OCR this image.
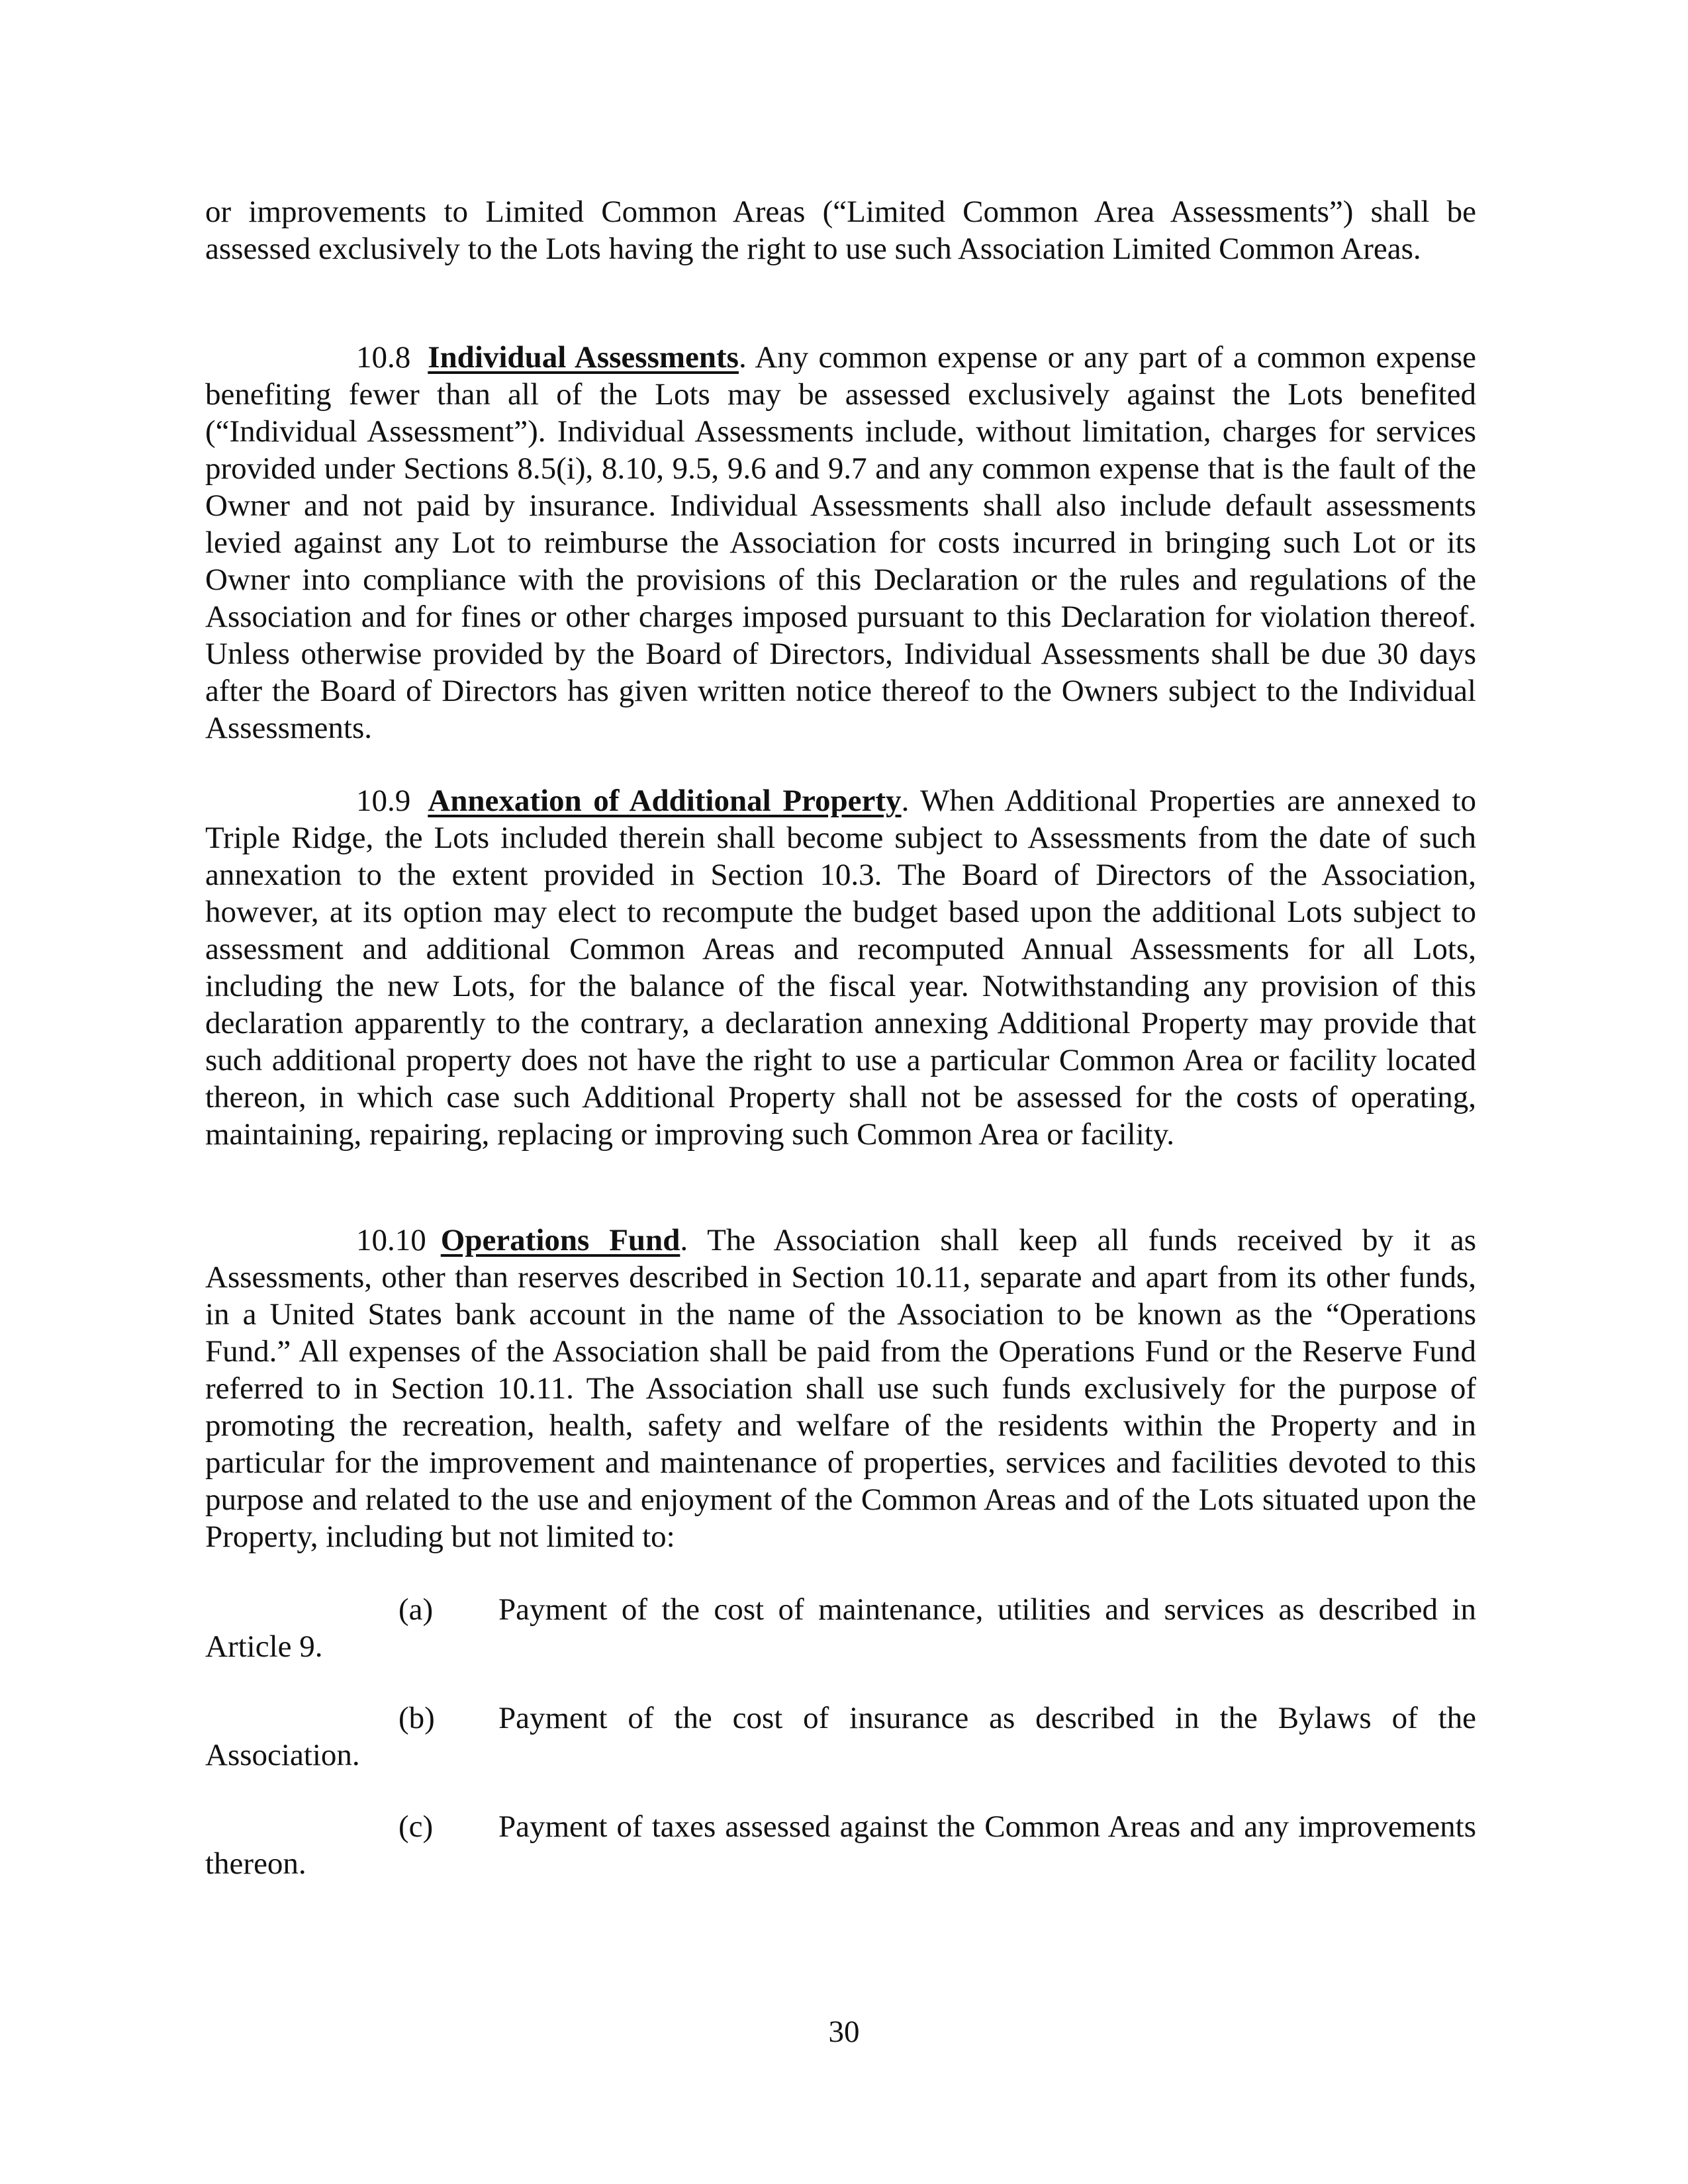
or improvements to Limited Common Areas (“Limited Common Area Assessments”) shall be assessed exclusively to the Lots having the right to use such Association Limited Common Areas.

10.8 Individual Assessments. Any common expense or any part of a common expense benefiting fewer than all of the Lots may be assessed exclusively against the Lots benefited (“Individual Assessment”). Individual Assessments include, without limitation, charges for services provided under Sections 8.5(i), 8.10, 9.5, 9.6 and 9.7 and any common expense that is the fault of the Owner and not paid by insurance. Individual Assessments shall also include default assessments levied against any Lot to reimburse the Association for costs incurred in bringing such Lot or its Owner into compliance with the provisions of this Declaration or the rules and regulations of the Association and for fines or other charges imposed pursuant to this Declaration for violation thereof. Unless otherwise provided by the Board of Directors, Individual Assessments shall be due 30 days after the Board of Directors has given written notice thereof to the Owners subject to the Individual Assessments.

10.9 Annexation of Additional Property. When Additional Properties are annexed to Triple Ridge, the Lots included therein shall become subject to Assessments from the date of such annexation to the extent provided in Section 10.3. The Board of Directors of the Association, however, at its option may elect to recompute the budget based upon the additional Lots subject to assessment and additional Common Areas and recomputed Annual Assessments for all Lots, including the new Lots, for the balance of the fiscal year. Notwithstanding any provision of this declaration apparently to the contrary, a declaration annexing Additional Property may provide that such additional property does not have the right to use a particular Common Area or facility located thereon, in which case such Additional Property shall not be assessed for the costs of operating, maintaining, repairing, replacing or improving such Common Area or facility.

10.10 Operations Fund. The Association shall keep all funds received by it as Assessments, other than reserves described in Section 10.11, separate and apart from its other funds, in a United States bank account in the name of the Association to be known as the “Operations Fund.” All expenses of the Association shall be paid from the Operations Fund or the Reserve Fund referred to in Section 10.11. The Association shall use such funds exclusively for the purpose of promoting the recreation, health, safety and welfare of the residents within the Property and in particular for the improvement and maintenance of properties, services and facilities devoted to this purpose and related to the use and enjoyment of the Common Areas and of the Lots situated upon the Property, including but not limited to:

(a) Payment of the cost of maintenance, utilities and services as described in Article 9.

(b) Payment of the cost of insurance as described in the Bylaws of the Association.

(c) Payment of taxes assessed against the Common Areas and any improvements thereon.

30
